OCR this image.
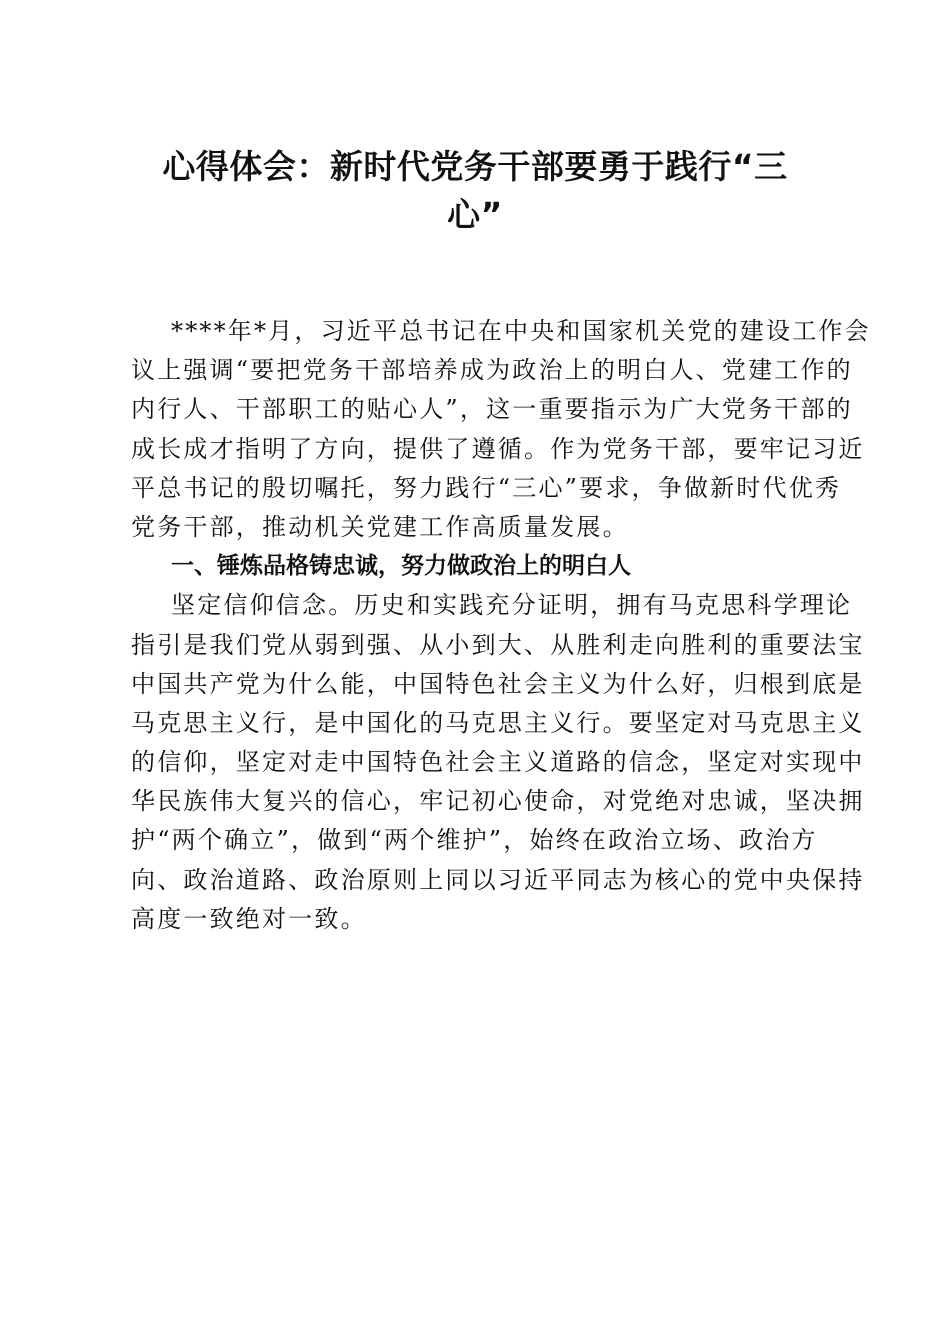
心得体会：新时代党务干部要勇于践行“三
心”

****年*月，习近平总书记在中央和国家机关党的建设工作会
议上强调“要把党务干部培养成为政治上的明白人、党建工作的
内行人、干部职工的贴心人”，这一重要指示为广大党务干部的
成长成才指明了方向，提供了遵循。作为党务干部，要牢记习近
平总书记的殷切嘱托，努力践行“三心”要求，争做新时代优秀
党务干部，推动机关党建工作高质量发展。

一、锤炼品格铸忠诚，努力做政治上的明白人

坚定信仰信念。历史和实践充分证明，拥有马克思科学理论
指引是我们党从弱到强、从小到大、从胜利走向胜利的重要法宝
中国共产党为什么能，中国特色社会主义为什么好，归根到底是
马克思主义行，是中国化的马克思主义行。要坚定对马克思主义
的信仰，坚定对走中国特色社会主义道路的信念，坚定对实现中
华民族伟大复兴的信心，牢记初心使命，对党绝对忠诚，坚决拥
护“两个确立”，做到“两个维护”，始终在政治立场、政治方
向、政治道路、政治原则上同以习近平同志为核心的党中央保持
高度一致绝对一致。
